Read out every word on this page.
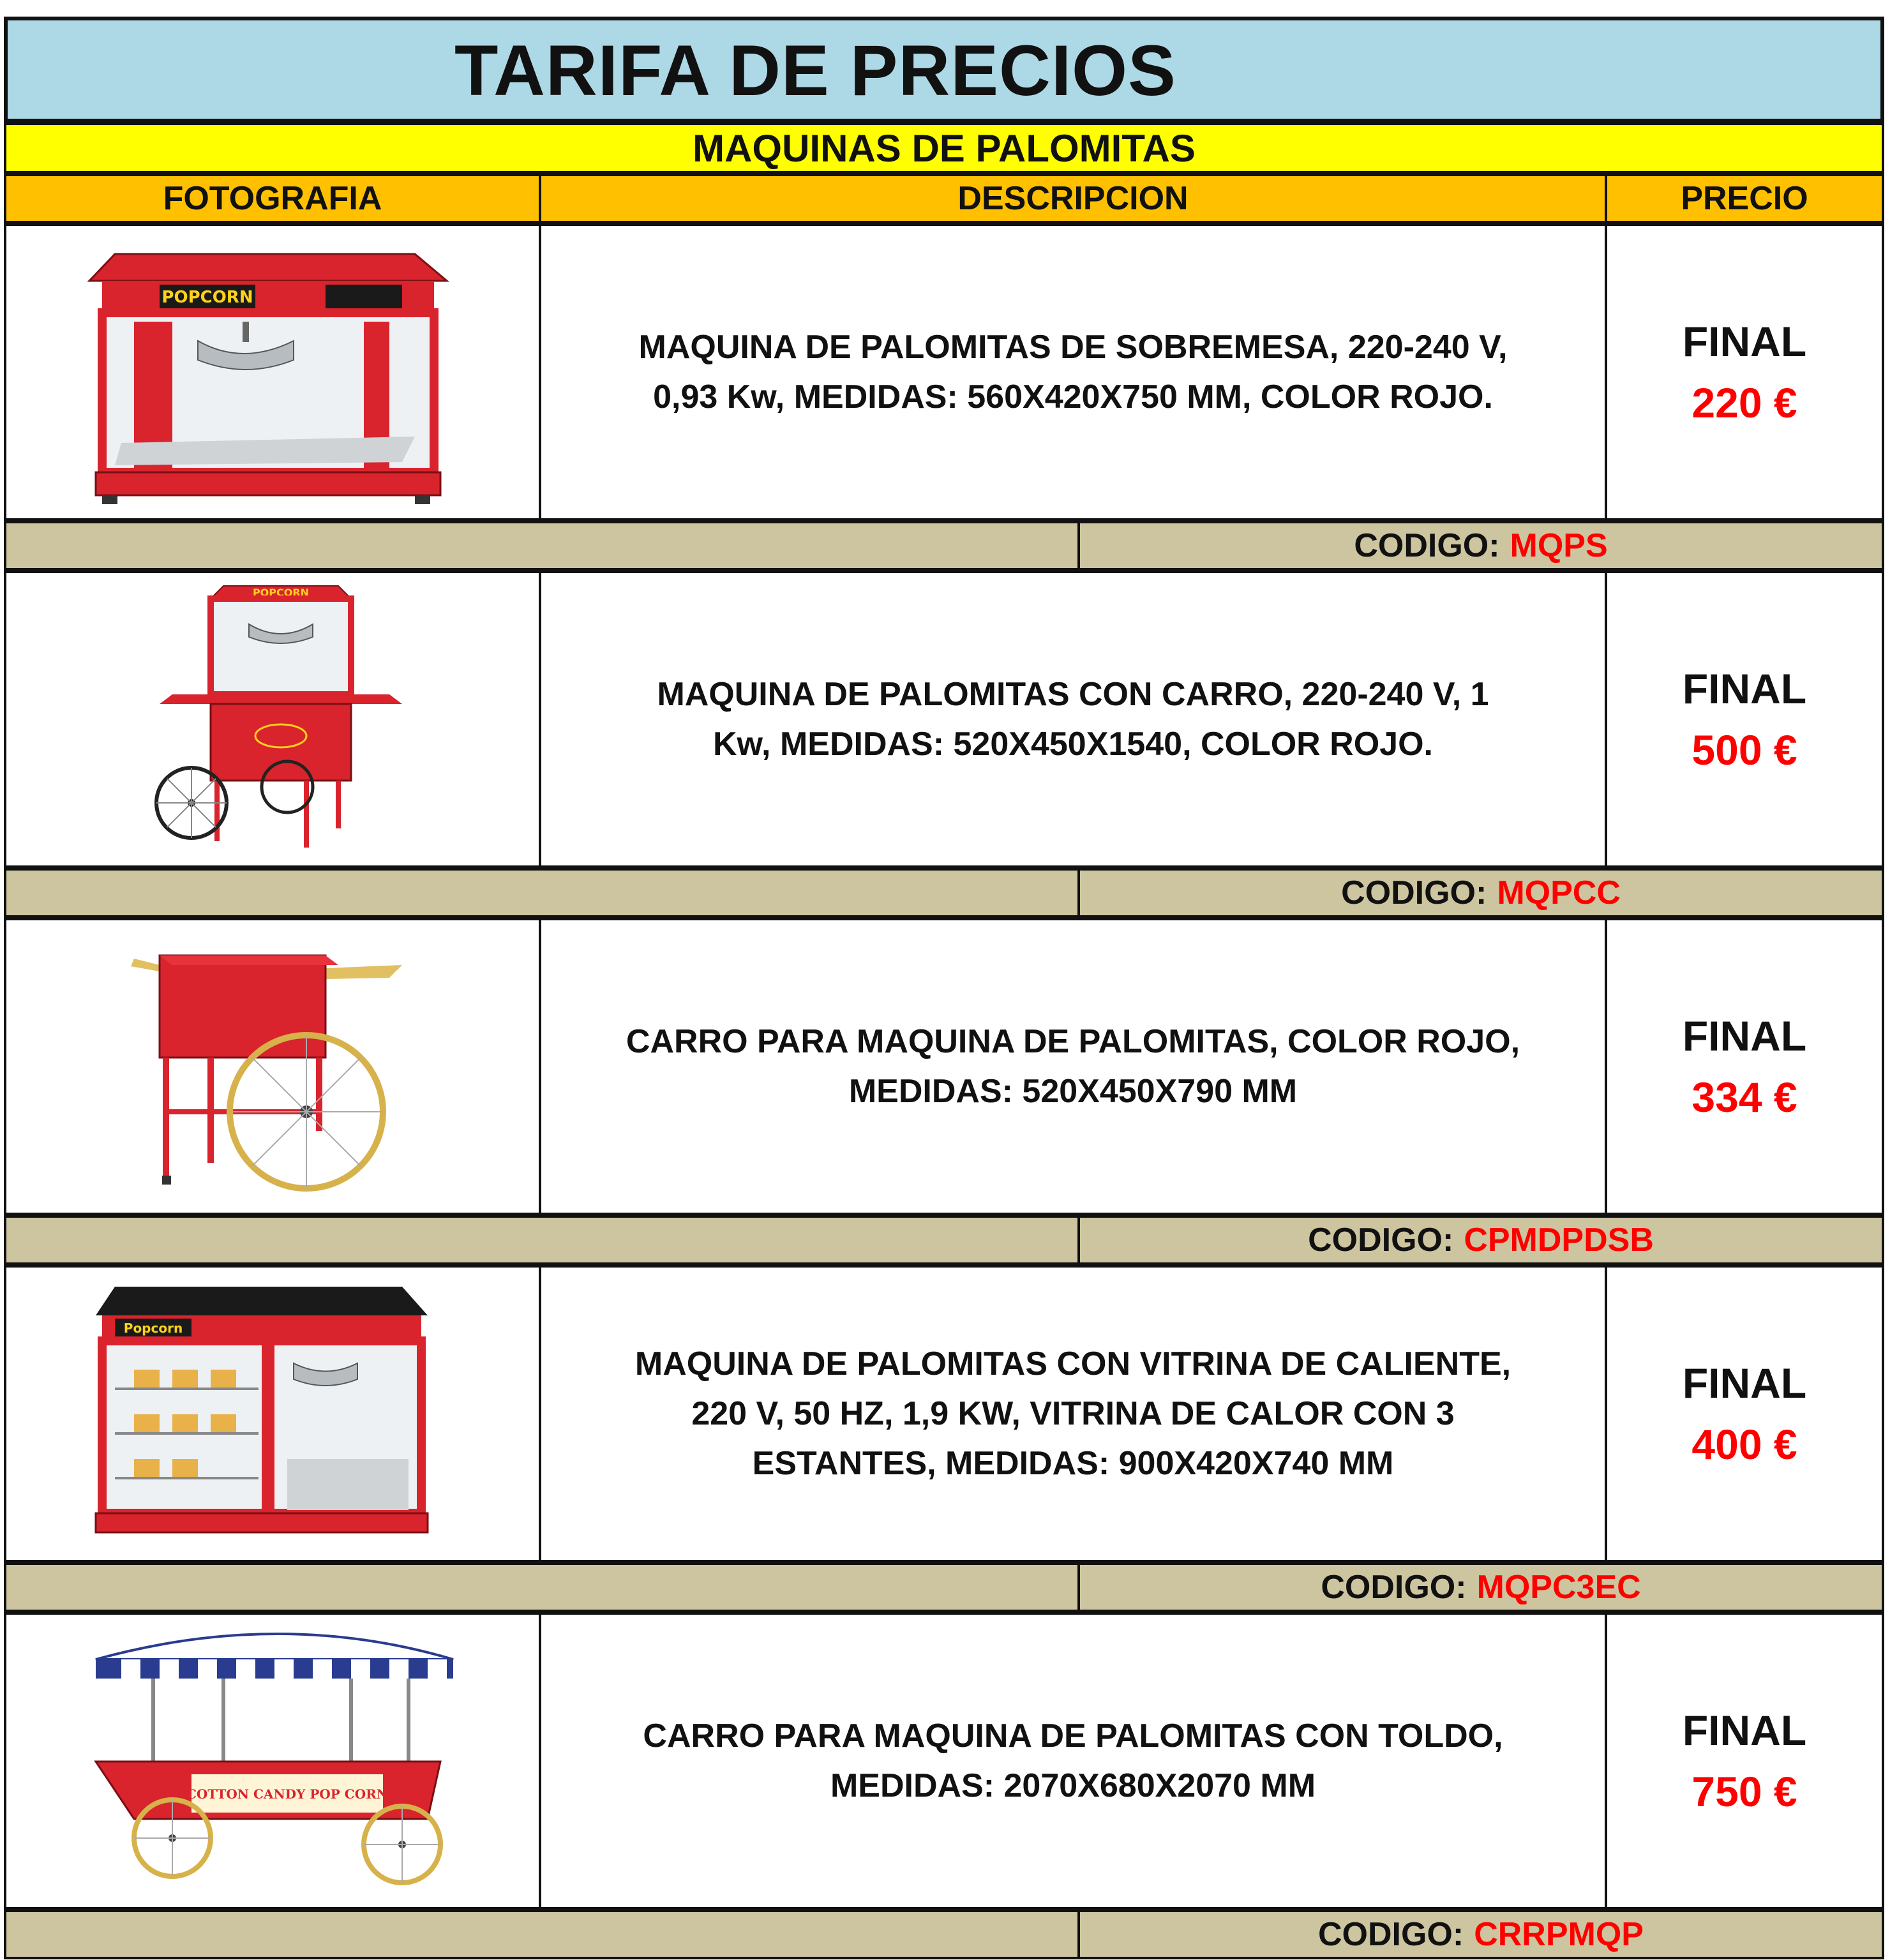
TARIFA DE PRECIOS
MAQUINAS DE PALOMITAS
FOTOGRAFIA	DESCRIPCION	PRECIO
POPCORN
MAQUINA DE PALOMITAS DE SOBREMESA, 220-240 V,
0,93 Kw, MEDIDAS: 560X420X750 MM, COLOR ROJO.
FINAL
220 €
CODIGO: MQPS
POPCORN
MAQUINA DE PALOMITAS CON CARRO, 220-240 V, 1
Kw, MEDIDAS: 520X450X1540, COLOR ROJO.
FINAL
500 €
CODIGO: MQPCC
CARRO PARA MAQUINA DE PALOMITAS, COLOR ROJO,
MEDIDAS: 520X450X790 MM
FINAL
334 €
CODIGO: CPMDPDSB
Popcorn
MAQUINA DE PALOMITAS CON VITRINA DE CALIENTE,
220 V, 50 HZ, 1,9 KW, VITRINA DE CALOR CON 3
ESTANTES, MEDIDAS: 900X420X740 MM
FINAL
400 €
CODIGO: MQPC3EC
COTTON CANDY POP CORN
CARRO PARA MAQUINA DE PALOMITAS CON TOLDO,
MEDIDAS: 2070X680X2070 MM
FINAL
750 €
CODIGO: CRRPMQP
